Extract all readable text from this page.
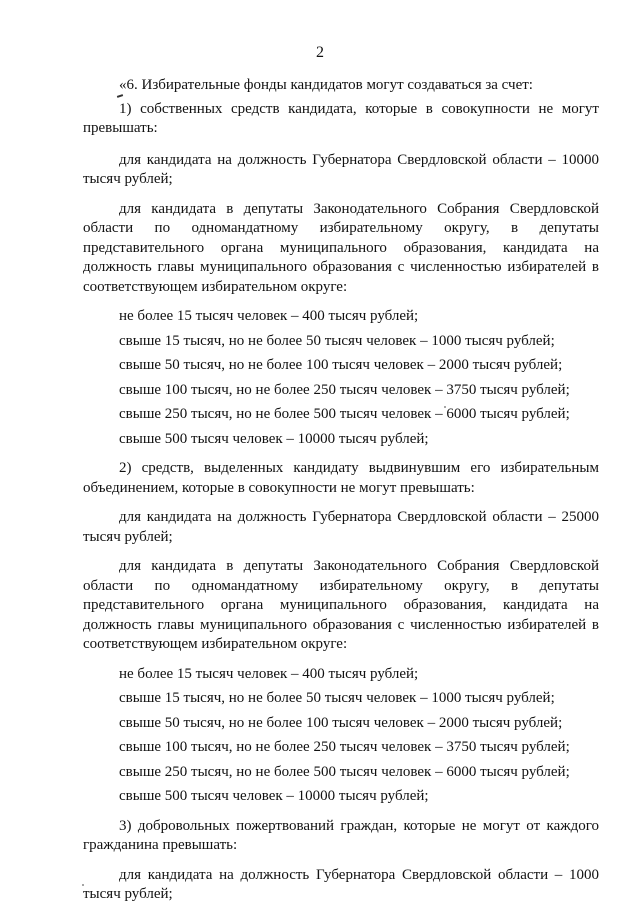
2

«6. Избирательные фонды кандидатов могут создаваться за счет:

1) собственных средств кандидата, которые в совокупности не могут превышать:

для кандидата на должность Губернатора Свердловской области – 10000 тысяч рублей;

для кандидата в депутаты Законодательного Собрания Свердловской области по одномандатному избирательному округу, в депутаты представительного органа муниципального образования, кандидата на должность главы муниципального образования с численностью избирателей в соответствующем избирательном округе:

не более 15 тысяч человек – 400 тысяч рублей;

свыше 15 тысяч, но не более 50 тысяч человек – 1000 тысяч рублей;

свыше 50 тысяч, но не более 100 тысяч человек – 2000 тысяч рублей;

свыше 100 тысяч, но не более 250 тысяч человек – 3750 тысяч рублей;

свыше 250 тысяч, но не более 500 тысяч человек – 6000 тысяч рублей;

свыше 500 тысяч человек – 10000 тысяч рублей;

2) средств, выделенных кандидату выдвинувшим его избирательным объединением, которые в совокупности не могут превышать:

для кандидата на должность Губернатора Свердловской области – 25000 тысяч рублей;

для кандидата в депутаты Законодательного Собрания Свердловской области по одномандатному избирательному округу, в депутаты представительного органа муниципального образования, кандидата на должность главы муниципального образования с численностью избирателей в соответствующем избирательном округе:

не более 15 тысяч человек – 400 тысяч рублей;

свыше 15 тысяч, но не более 50 тысяч человек – 1000 тысяч рублей;

свыше 50 тысяч, но не более 100 тысяч человек – 2000 тысяч рублей;

свыше 100 тысяч, но не более 250 тысяч человек – 3750 тысяч рублей;

свыше 250 тысяч, но не более 500 тысяч человек – 6000 тысяч рублей;

свыше 500 тысяч человек – 10000 тысяч рублей;

3) добровольных пожертвований граждан, которые не могут от каждого гражданина превышать:

для кандидата на должность Губернатора Свердловской области – 1000 тысяч рублей;
